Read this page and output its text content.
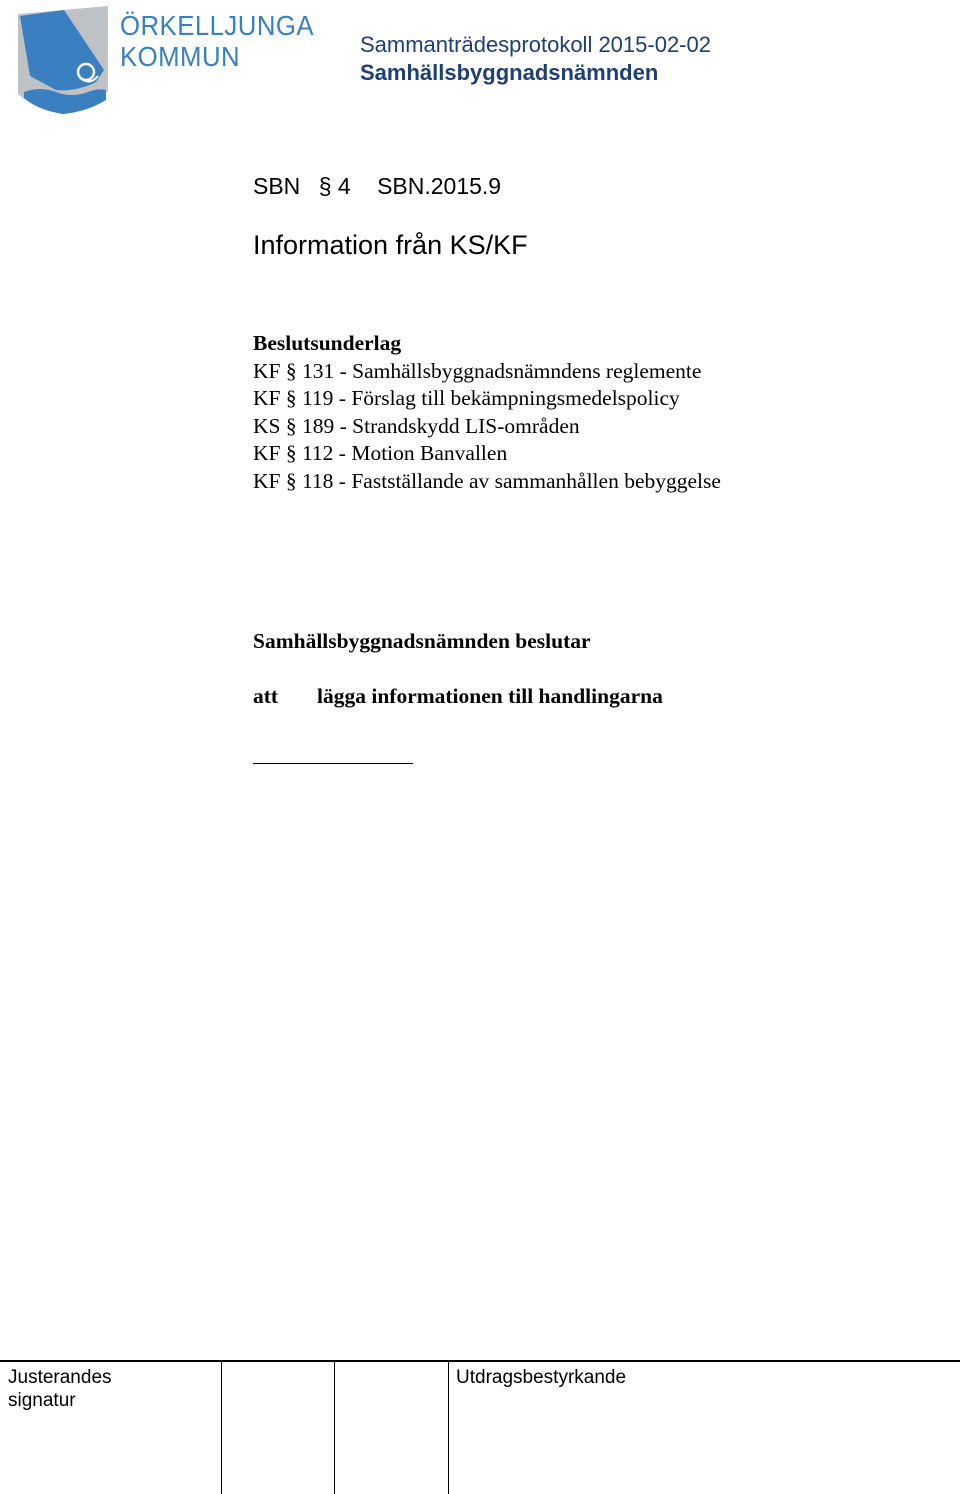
ÖRKELLJUNGA
KOMMUN	Sammanträdesprotokoll 2015-02-02
Samhällsbyggnadsnämnden
SBN § 4 SBN.2015.9
Information från KS/KF
Beslutsunderlag
KF § 131 - Samhällsbyggnadsnämndens reglemente
KF § 119 - Förslag till bekämpningsmedelspolicy
KS § 189 - Strandskydd LIS-områden
KF § 112 - Motion Banvallen
KF § 118 - Fastställande av sammanhållen bebyggelse
Samhällsbyggnadsnämnden beslutar
att lägga informationen till handlingarna
Justerandes signatur
Utdragsbestyrkande
